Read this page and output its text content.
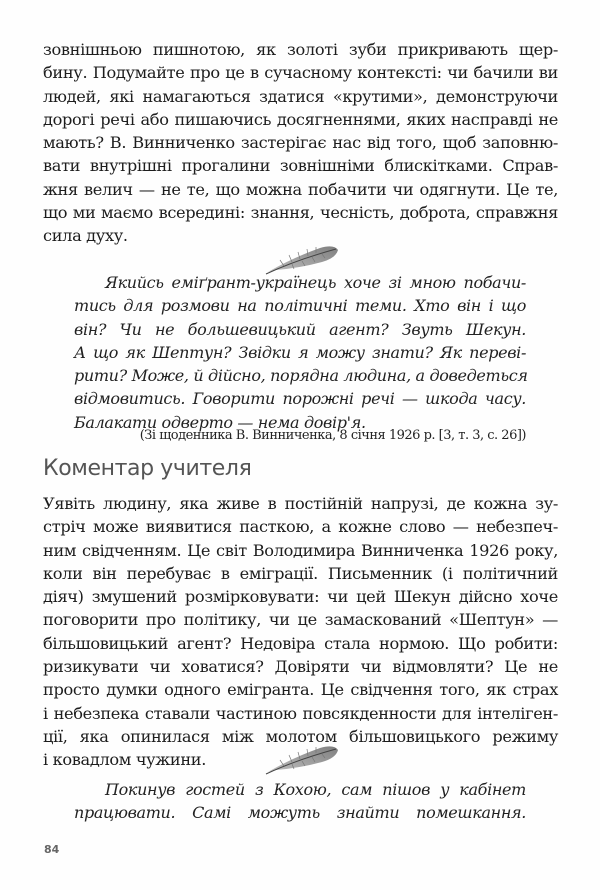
зовнішньою пишнотою, як золоті зуби прикривають щер-
бину. Подумайте про це в сучасному контексті: чи бачили ви
людей, які намагаються здатися «крутими», демонструючи
дорогі речі або пишаючись досягненнями, яких насправді не
мають? В. Винниченко застерігає нас від того, щоб заповню-
вати внутрішні прогалини зовнішніми блискітками. Справ-
жня велич — не те, що можна побачити чи одягнути. Це те,
що ми маємо всередині: знання, чесність, доброта, справжня
сила духу.

Якийсь еміґрант-українець хоче зі мною побачи-
тись для розмови на політичні теми. Хто він і що
він? Чи не большевицький агент? Звуть Шекун.
А що як Шептун? Звідки я можу знати? Як переві-
рити? Може, й дійсно, порядна людина, а доведеться
відмовитись. Говорити порожні речі — шкода часу.
Балакати одверто — нема довір'я.
(Зі щоденника В. Винниченка, 8 січня 1926 р. [3, т. 3, с. 26])
Коментар учителя

Уявіть людину, яка живе в постійній напрузі, де кожна зу-
стріч може виявитися пасткою, а кожне слово — небезпеч-
ним свідченням. Це світ Володимира Винниченка 1926 року,
коли він перебуває в еміграції. Письменник (і політичний
діяч) змушений розмірковувати: чи цей Шекун дійсно хоче
поговорити про політику, чи це замаскований «Шептун» —
більшовицький агент? Недовіра стала нормою. Що робити:
ризикувати чи ховатися? Довіряти чи відмовляти? Це не
просто думки одного емігранта. Це свідчення того, як страх
і небезпека ставали частиною повсякденности для інтеліген-
ції, яка опинилася між молотом більшовицького режиму
і ковадлом чужини.

Покинув гостей з Кохою, сам пішов у кабінет
працювати. Самі можуть знайти помешкання.
84
